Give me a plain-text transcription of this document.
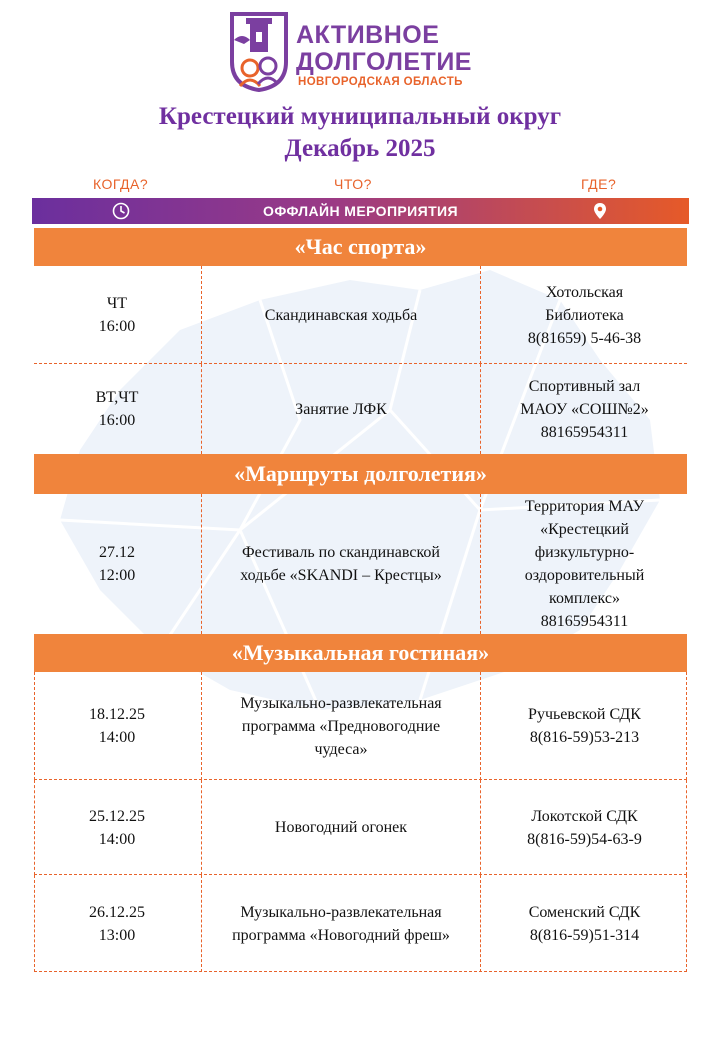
АКТИВНОЕ
ДОЛГОЛЕТИЕ
НОВГОРОДСКАЯ ОБЛАСТЬ
Крестецкий муниципальный округ
Декабрь 2025
КОГДА?	ЧТО?	ГДЕ?
ОФФЛАЙН МЕРОПРИЯТИЯ
«Час спорта»
ЧТ
16:00
Скандинавская ходьба
Хотольская
Библиотека
8(81659) 5-46-38
ВТ,ЧТ
16:00
Занятие ЛФК
Спортивный зал
МАОУ «СОШ№2»
88165954311
«Маршруты долголетия»
27.12
12:00
Фестиваль по скандинавской
ходьбе «SKANDI – Крестцы»
Территория МАУ
«Крестецкий
физкультурно-
оздоровительный
комплекс»
88165954311
«Музыкальная гостиная»
18.12.25
14:00
Музыкально-развлекательная
программа «Предновогодние
чудеса»
Ручьевской СДК
8(816-59)53-213
25.12.25
14:00
Новогодний огонек
Локотской СДК
8(816-59)54-63-9
26.12.25
13:00
Музыкально-развлекательная
программа «Новогодний фреш»
Соменский СДК
8(816-59)51-314
